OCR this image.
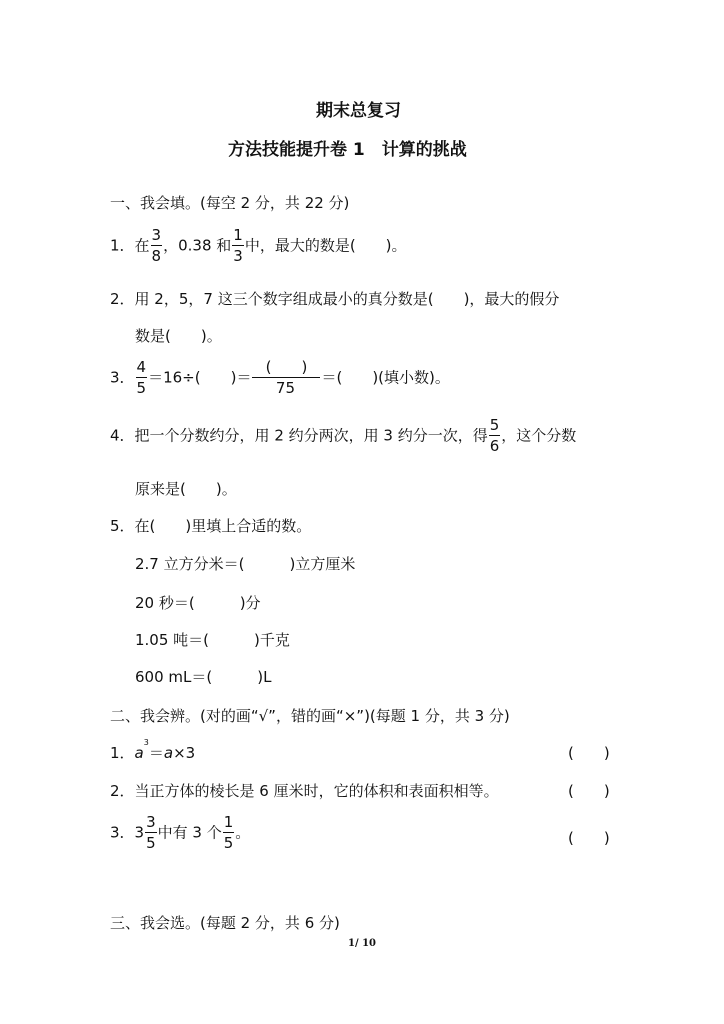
期末总复习
方法技能提升卷 1　计算的挑战
一、我会填。(每空 2 分，共 22 分)
1．在 $\frac{3}{8}$ ，0.38 和 $\frac{1}{3}$ 中，最大的数是(　　)。
2．用 2，5，7 这三个数字组成最小的真分数是(　　)，最大的假分
数是(　　)。
3． $\frac{4}{5} =16\div$(　　)＝ $\frac{( )}{75}$ ＝(　　)(填小数)。
4．把一个分数约分，用 2 约分两次，用 3 约分一次，得 $\frac{5}{6}$ ，这个分数
原来是(　　)。
5．在(　　)里填上合适的数。
2.7 立方分米＝(　　　)立方厘米
20 秒＝(　　　)分
1.05 吨＝(　　　)千克
600 mL＝(　　　)L
二、我会辨。(对的画“√”，错的画“×”)(每题 1 分，共 3 分)
1．$a^3=a\times 3$	(　　)
2．当正方体的棱长是 6 厘米时，它的体积和表面积相等。	(　　)
3．$3 \frac{3}{5}$ 中有 3 个 $\frac{1}{5}$ 。	(　　)
三、我会选。(每题 2 分，共 6 分)
1/ 10
